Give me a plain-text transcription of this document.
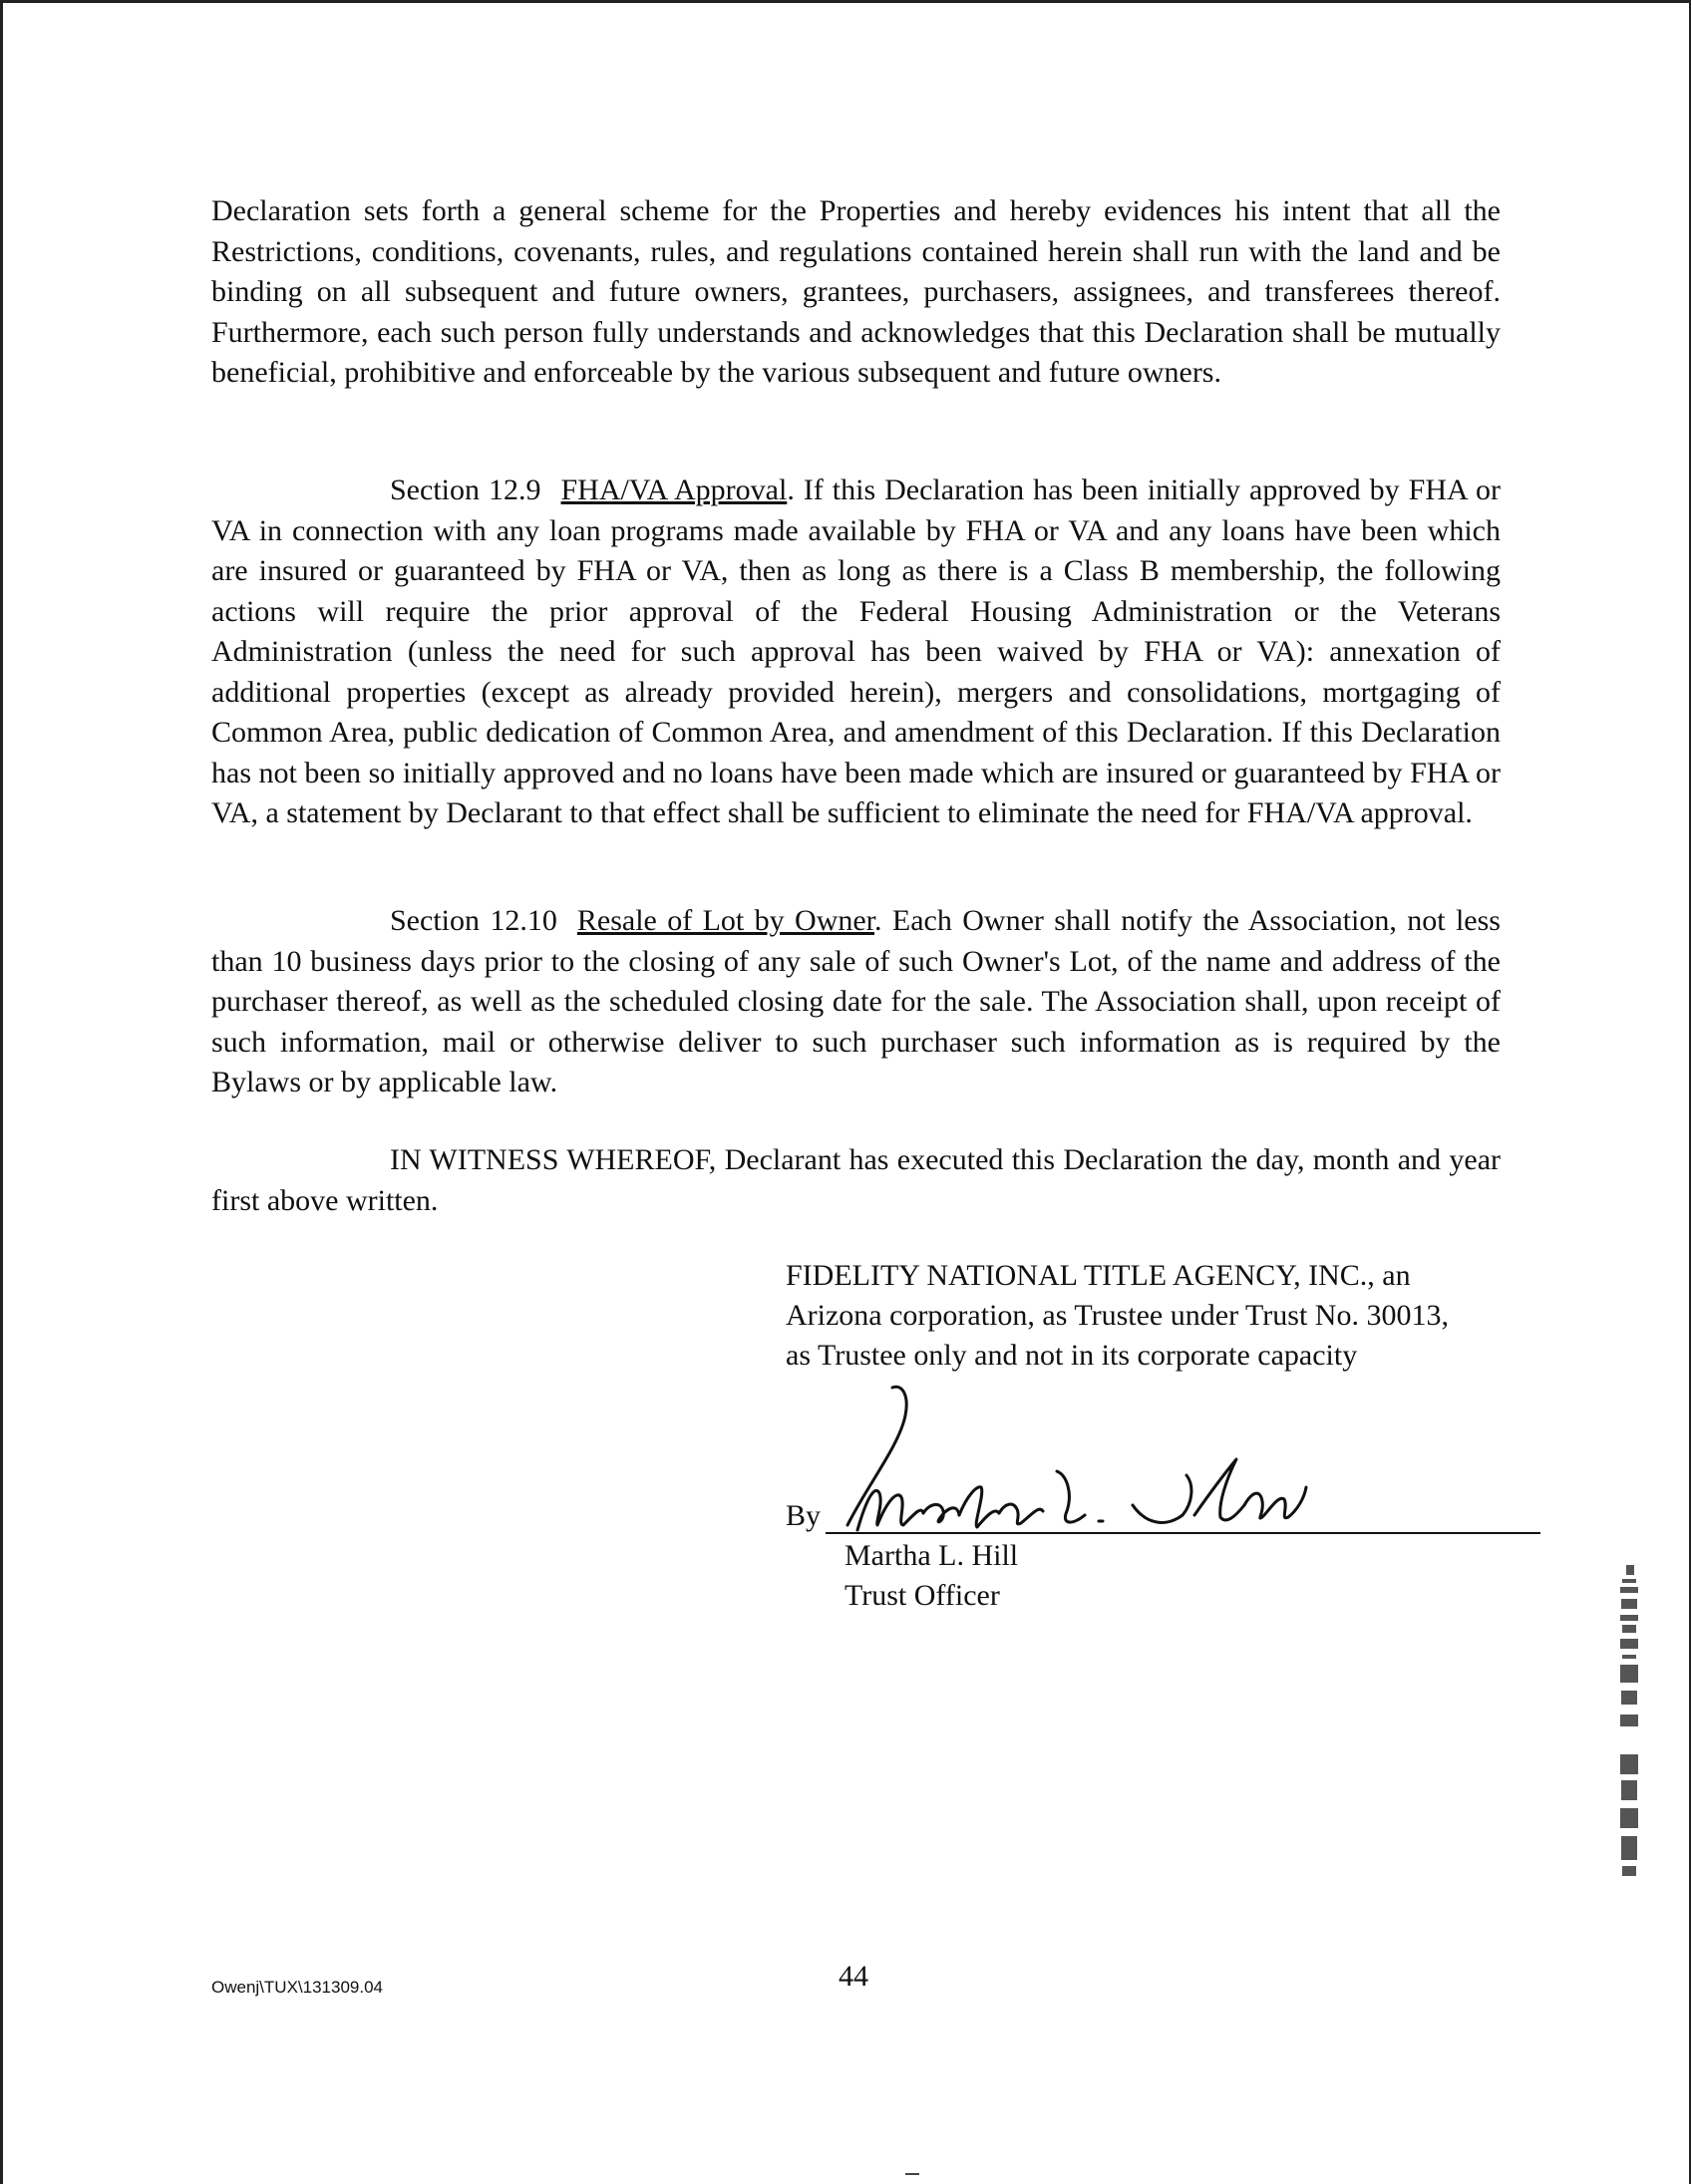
Declaration sets forth a general scheme for the Properties and hereby evidences his intent that all the Restrictions, conditions, covenants, rules, and regulations contained herein shall run with the land and be binding on all subsequent and future owners, grantees, purchasers, assignees, and transferees thereof. Furthermore, each such person fully understands and acknowledges that this Declaration shall be mutually beneficial, prohibitive and enforceable by the various subsequent and future owners.
Section 12.9 FHA/VA Approval. If this Declaration has been initially approved by FHA or VA in connection with any loan programs made available by FHA or VA and any loans have been which are insured or guaranteed by FHA or VA, then as long as there is a Class B membership, the following actions will require the prior approval of the Federal Housing Administration or the Veterans Administration (unless the need for such approval has been waived by FHA or VA): annexation of additional properties (except as already provided herein), mergers and consolidations, mortgaging of Common Area, public dedication of Common Area, and amendment of this Declaration. If this Declaration has not been so initially approved and no loans have been made which are insured or guaranteed by FHA or VA, a statement by Declarant to that effect shall be sufficient to eliminate the need for FHA/VA approval.
Section 12.10 Resale of Lot by Owner. Each Owner shall notify the Association, not less than 10 business days prior to the closing of any sale of such Owner's Lot, of the name and address of the purchaser thereof, as well as the scheduled closing date for the sale. The Association shall, upon receipt of such information, mail or otherwise deliver to such purchaser such information as is required by the Bylaws or by applicable law.
IN WITNESS WHEREOF, Declarant has executed this Declaration the day, month and year first above written.
FIDELITY NATIONAL TITLE AGENCY, INC., an
Arizona corporation, as Trustee under Trust No. 30013,
as Trustee only and not in its corporate capacity
By
Martha L. Hill
Trust Officer
Owenj\TUX\131309.04	44
